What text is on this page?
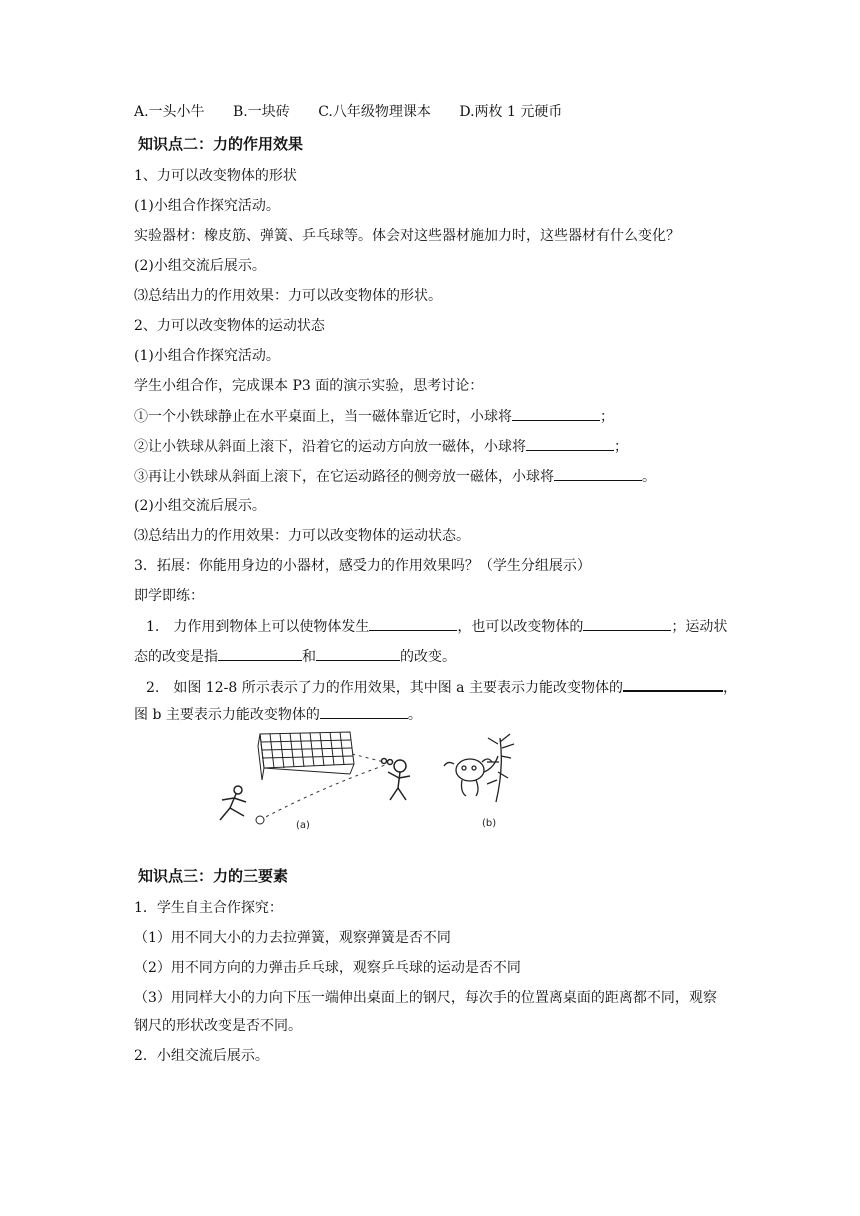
A.一头小牛 B.一块砖 C.八年级物理课本 D.两枚 1 元硬币
知识点二：力的作用效果
1、力可以改变物体的形状
(1)小组合作探究活动。
实验器材：橡皮筋、弹簧、乒乓球等。体会对这些器材施加力时，这些器材有什么变化？
(2)小组交流后展示。
⑶总结出力的作用效果：力可以改变物体的形状。
2、力可以改变物体的运动状态
(1)小组合作探究活动。
学生小组合作，完成课本 P3 面的演示实验，思考讨论：
①一个小铁球静止在水平桌面上，当一磁体靠近它时，小球将	；
②让小铁球从斜面上滚下，沿着它的运动方向放一磁体，小球将	；
③再让小铁球从斜面上滚下，在它运动路径的侧旁放一磁体，小球将	。
(2)小组交流后展示。
⑶总结出力的作用效果：力可以改变物体的运动状态。
3．拓展：你能用身边的小器材，感受力的作用效果吗？（学生分组展示）
即学即练：
1.　力作用到物体上可以使物体发生	，也可以改变物体的	；运动状
态的改变是指	和	的改变。
2.　如图 12-8 所示表示了力的作用效果，其中图 a 主要表示力能改变物体的	，
图 b 主要表示力能改变物体的	。
(a)	(b)
知识点三：力的三要素
1．学生自主合作探究：
（1）用不同大小的力去拉弹簧，观察弹簧是否不同
（2）用不同方向的力弹击乒乓球，观察乒乓球的运动是否不同
（3）用同样大小的力向下压一端伸出桌面上的钢尺，每次手的位置离桌面的距离都不同，观察
钢尺的形状改变是否不同。
2．小组交流后展示。
